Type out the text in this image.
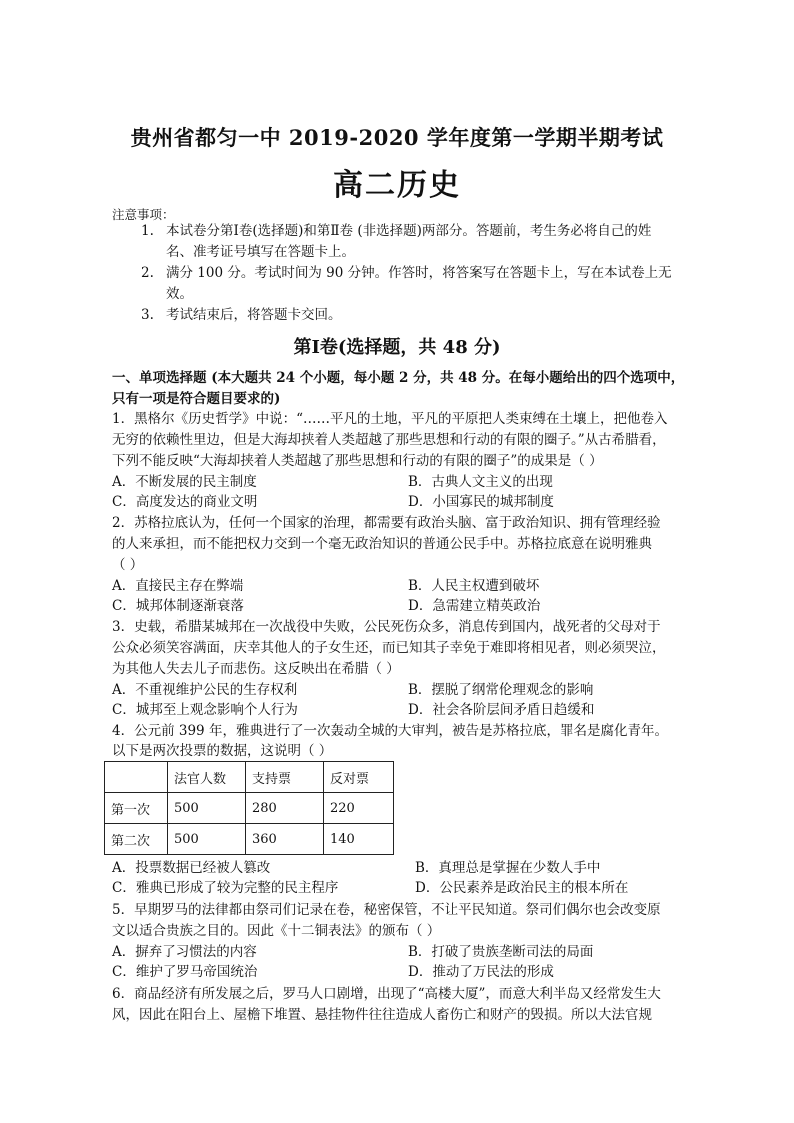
贵州省都匀一中 2019-2020 学年度第一学期半期考试
高二历史
注意事项：
1. 本试卷分第Ⅰ卷(选择题)和第Ⅱ卷 (非选择题)两部分。答题前，考生务必将自己的姓
名、准考证号填写在答题卡上。
2. 满分 100 分。考试时间为 90 分钟。作答时，将答案写在答题卡上，写在本试卷上无
效。
3. 考试结束后，将答题卡交回。
第Ⅰ卷(选择题，共 48 分)
一、单项选择题 (本大题共 24 个小题，每小题 2 分，共 48 分。在每小题给出的四个选项中，
只有一项是符合题目要求的)
1．黑格尔《历史哲学》中说：“……平凡的土地，平凡的平原把人类束缚在土壤上，把他卷入
无穷的依赖性里边，但是大海却挟着人类超越了那些思想和行动的有限的圈子。”从古希腊看，
下列不能反映“大海却挟着人类超越了那些思想和行动的有限的圈子”的成果是（ ）
A．不断发展的民主制度	B．古典人文主义的出现
C．高度发达的商业文明	D．小国寡民的城邦制度
2．苏格拉底认为，任何一个国家的治理，都需要有政治头脑、富于政治知识、拥有管理经验
的人来承担，而不能把权力交到一个毫无政治知识的普通公民手中。苏格拉底意在说明雅典
（ ）
A．直接民主存在弊端	B．人民主权遭到破坏
C．城邦体制逐渐衰落	D．急需建立精英政治
3．史载，希腊某城邦在一次战役中失败，公民死伤众多，消息传到国内，战死者的父母对于
公众必须笑容满面，庆幸其他人的子女生还，而已知其子幸免于难即将相见者，则必须哭泣，
为其他人失去儿子而悲伤。这反映出在希腊（ ）
A．不重视维护公民的生存权利	B．摆脱了纲常伦理观念的影响
C．城邦至上观念影响个人行为	D．社会各阶层间矛盾日趋缓和
4．公元前 399 年，雅典进行了一次轰动全城的大审判，被告是苏格拉底，罪名是腐化青年。
以下是两次投票的数据，这说明（ ）
	法官人数	支持票	反对票
第一次	500	280	220
第二次	500	360	140
A．投票数据已经被人篡改	B．真理总是掌握在少数人手中
C．雅典已形成了较为完整的民主程序	D．公民素养是政治民主的根本所在
5．早期罗马的法律都由祭司们记录在卷，秘密保管，不让平民知道。祭司们偶尔也会改变原
文以适合贵族之目的。因此《十二铜表法》的颁布（ ）
A．摒弃了习惯法的内容	B．打破了贵族垄断司法的局面
C．维护了罗马帝国统治	D．推动了万民法的形成
6．商品经济有所发展之后，罗马人口剧增，出现了“高楼大厦”，而意大利半岛又经常发生大
风，因此在阳台上、屋檐下堆置、悬挂物件往往造成人畜伤亡和财产的毁损。所以大法官规
